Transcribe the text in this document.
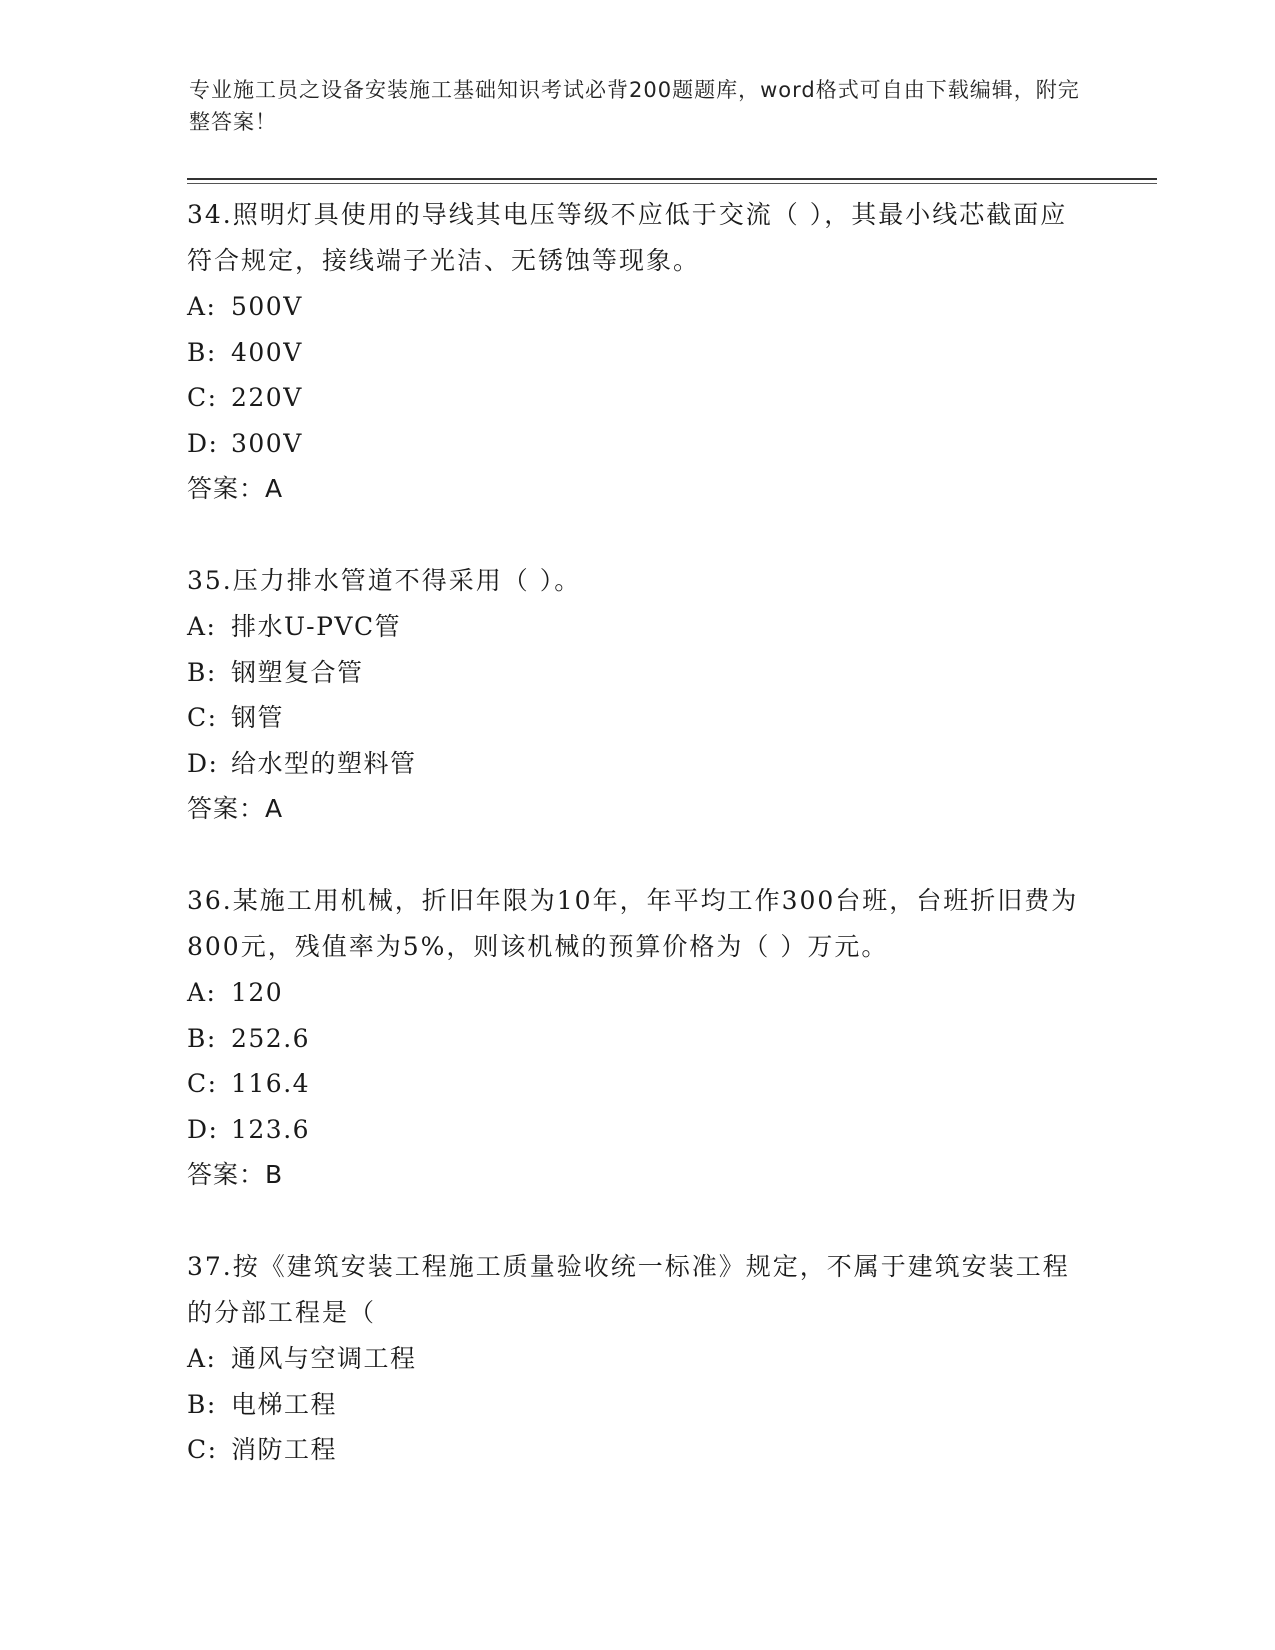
专业施工员之设备安装施工基础知识考试必背200题题库，word格式可自由下载编辑，附完整答案！

34.照明灯具使用的导线其电压等级不应低于交流（ ），其最小线芯截面应符合规定，接线端子光洁、无锈蚀等现象。

A: 500V

B: 400V

C: 220V

D: 300V

答案：A

35.压力排水管道不得采用（ ）。

A: 排水U-PVC管

B: 钢塑复合管

C: 钢管

D: 给水型的塑料管

答案：A

36.某施工用机械，折旧年限为10年，年平均工作300台班，台班折旧费为800元，残值率为5%，则该机械的预算价格为（ ）万元。

A: 120

B: 252.6

C: 116.4

D: 123.6

答案：B

37.按《建筑安装工程施工质量验收统一标准》规定，不属于建筑安装工程的分部工程是（

A: 通风与空调工程

B: 电梯工程

C: 消防工程
